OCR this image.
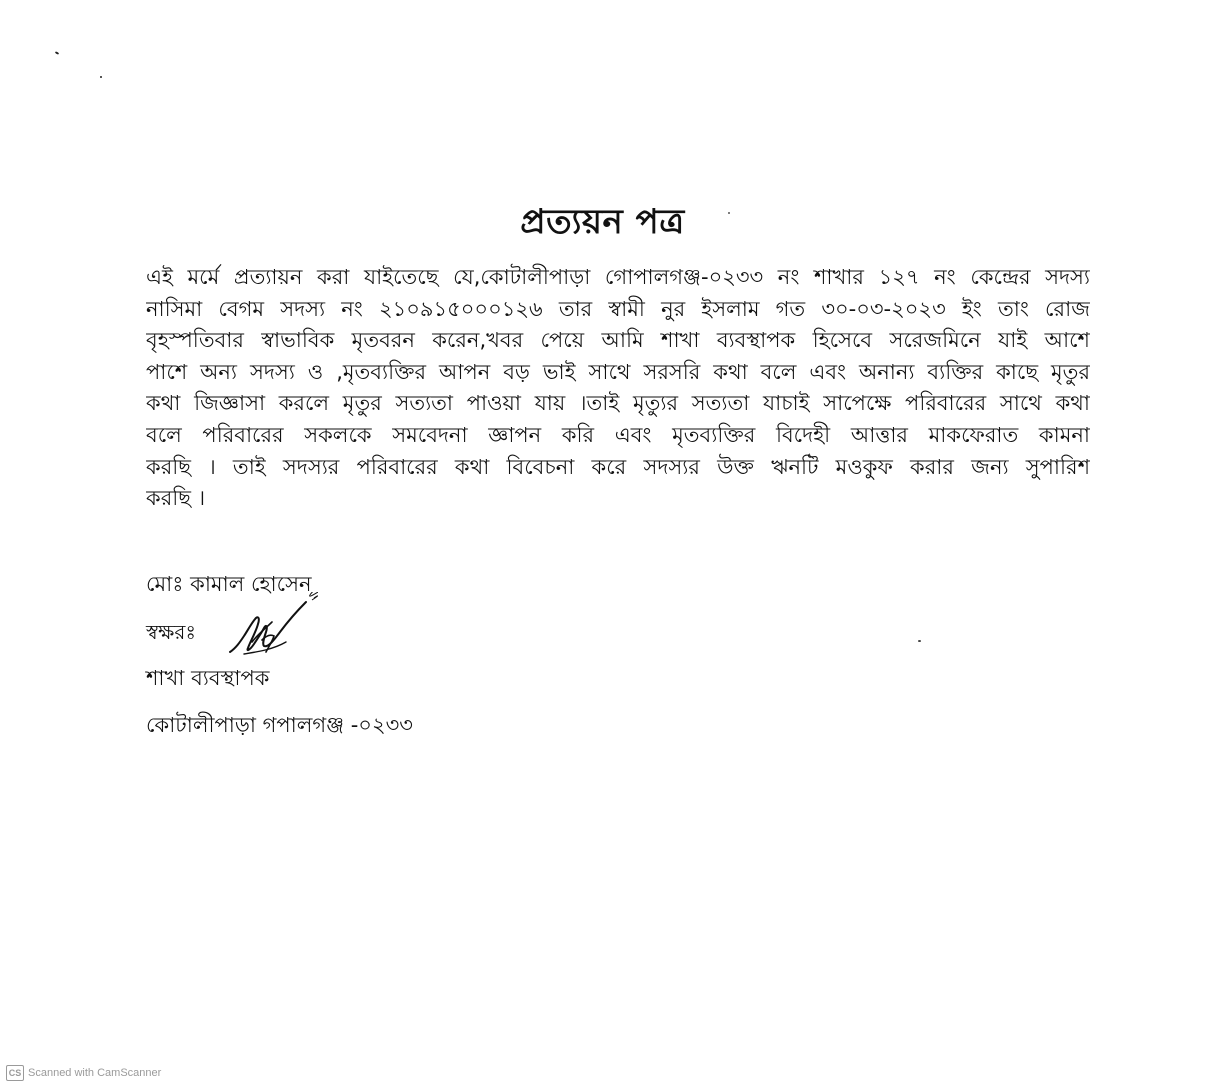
প্রত্যয়ন পত্র
এই মর্মে প্রত্যায়ন করা যাইতেছে যে,কোটালীপাড়া গোপালগঞ্জ-০২৩৩ নং শাখার ১২৭ নং কেন্দ্রের সদস্য
নাসিমা বেগম সদস্য নং ২১০৯১৫০০০১২৬ তার স্বামী নুর ইসলাম গত ৩০-০৩-২০২৩ ইং তাং রোজ
বৃহস্পতিবার স্বাভাবিক মৃতবরন করেন,খবর পেয়ে আমি শাখা ব্যবস্থাপক হিসেবে সরেজমিনে যাই আশে
পাশে অন্য সদস্য ও ,মৃতব্যক্তির আপন বড় ভাই সাথে সরসরি কথা বলে এবং অনান্য ব্যক্তির কাছে মৃতুর
কথা জিজ্ঞাসা করলে মৃতুর সত্যতা পাওয়া যায় ।তাই মৃত্যুর সত্যতা যাচাই সাপেক্ষে পরিবারের সাথে কথা
বলে পরিবারের সকলকে সমবেদনা জ্ঞাপন করি এবং মৃতব্যক্তির বিদেহী আত্তার মাকফেরাত কামনা
করছি । তাই সদস্যর পরিবারের কথা বিবেচনা করে সদস্যর উক্ত ঋনটি মওকুফ করার জন্য সুপারিশ
করছি ।
মোঃ কামাল হোসেন
স্বক্ষরঃ
শাখা ব্যবস্থাপক
কোটালীপাড়া গপালগঞ্জ -০২৩৩
CS Scanned with CamScanner
